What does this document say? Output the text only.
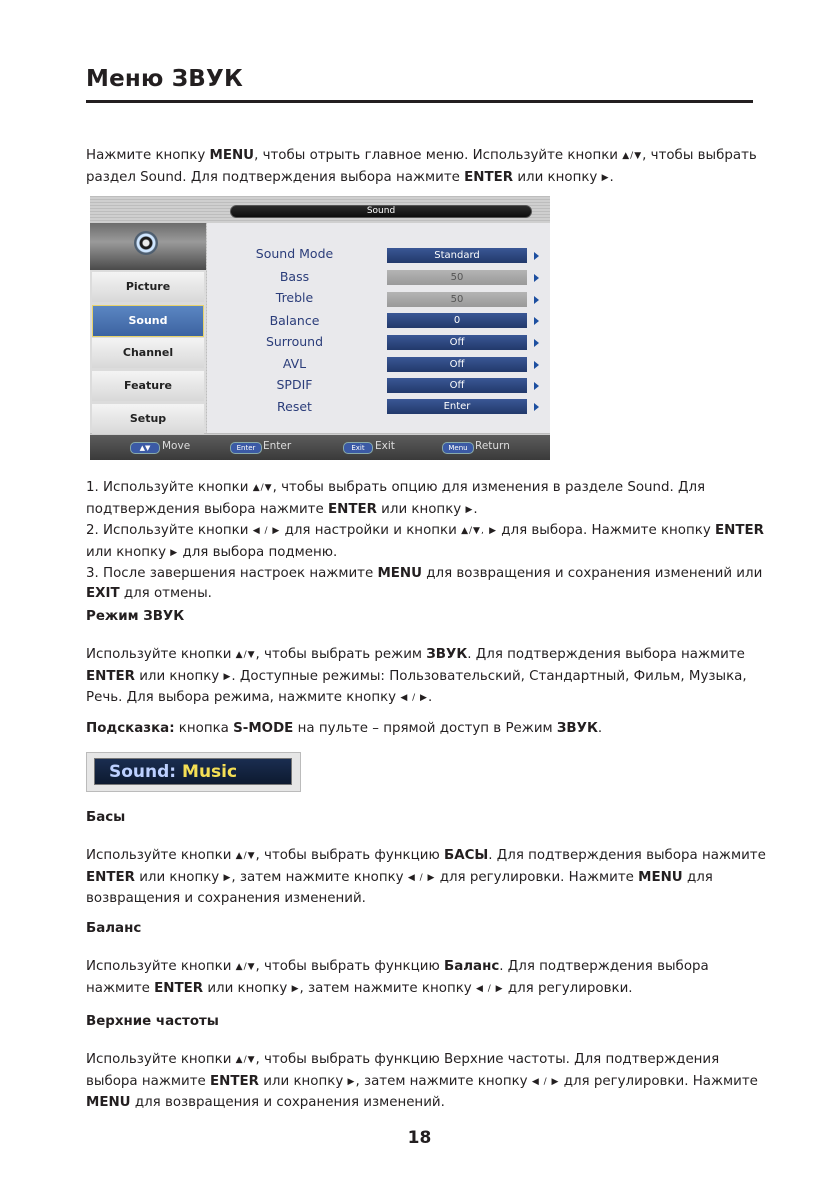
Меню ЗВУК
Нажмите кнопку MENU, чтобы отрыть главное меню. Используйте кнопки ▲/▼, чтобы выбрать раздел Sound. Для подтверждения выбора нажмите ENTER или кнопку ▶.
Sound
Picture
Sound
Channel
Feature
Setup
Sound Mode	Standard
Bass	50
Treble	50
Balance	0
Surround	Off
AVL	Off
SPDIF	Off
Reset	Enter
▲▼	Move	Enter Enter	Exit Exit	Menu Return
1. Используйте кнопки ▲/▼, чтобы выбрать опцию для изменения в разделе Sound. Для подтверждения выбора нажмите ENTER или кнопку ▶.
2. Используйте кнопки ◀ / ▶ для настройки и кнопки ▲/▼, ▶ для выбора. Нажмите кнопку ENTER или кнопку ▶ для выбора подменю.
3. После завершения настроек нажмите MENU для возвращения и сохранения изменений или EXIT для отмены.
Режим ЗВУК
Используйте кнопки ▲/▼, чтобы выбрать режим ЗВУК. Для подтверждения выбора нажмите ENTER или кнопку ▶. Доступные режимы: Пользовательский, Стандартный, Фильм, Музыка, Речь. Для выбора режима, нажмите кнопку ◀ / ▶.
Подсказка: кнопка S-MODE на пульте – прямой доступ в Режим ЗВУК.
Sound: Music
Басы
Используйте кнопки ▲/▼, чтобы выбрать функцию БАСЫ. Для подтверждения выбора нажмите ENTER или кнопку ▶, затем нажмите кнопку ◀ / ▶ для регулировки. Нажмите MENU для возвращения и сохранения изменений.
Баланс
Используйте кнопки ▲/▼, чтобы выбрать функцию Баланс. Для подтверждения выбора нажмите ENTER или кнопку ▶, затем нажмите кнопку ◀ / ▶ для регулировки.
Верхние частоты
Используйте кнопки ▲/▼, чтобы выбрать функцию Верхние частоты. Для подтверждения выбора нажмите ENTER или кнопку ▶, затем нажмите кнопку ◀ / ▶ для регулировки. Нажмите MENU для возвращения и сохранения изменений.
18
